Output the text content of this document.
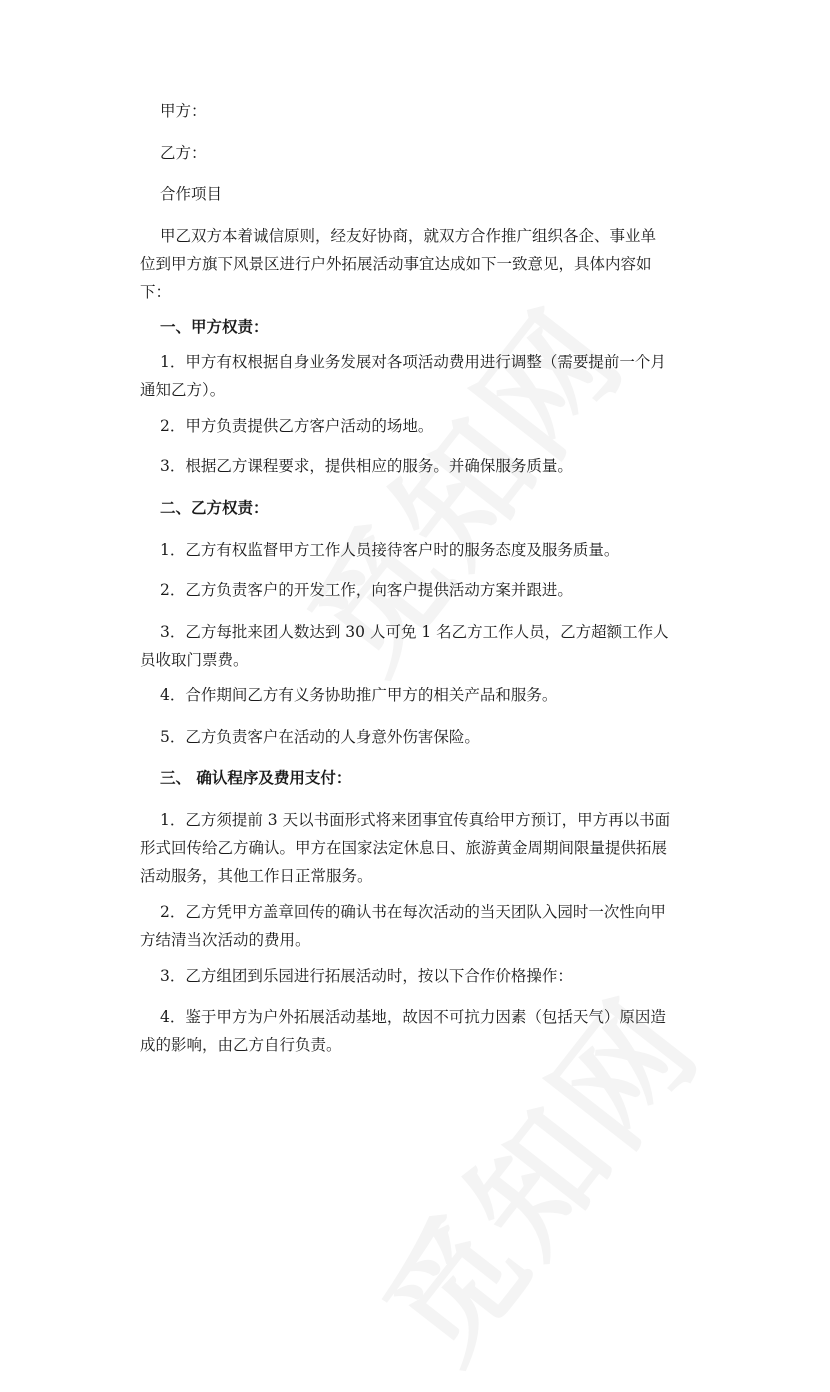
甲方：

乙方：

合作项目

甲乙双方本着诚信原则，经友好协商，就双方合作推广组织各企、事业单

位到甲方旗下风景区进行户外拓展活动事宜达成如下一致意见，具体内容如

下：

一、甲方权责：

1．甲方有权根据自身业务发展对各项活动费用进行调整（需要提前一个月

通知乙方）。

2．甲方负责提供乙方客户活动的场地。

3．根据乙方课程要求，提供相应的服务。并确保服务质量。

二、乙方权责：

1．乙方有权监督甲方工作人员接待客户时的服务态度及服务质量。

2．乙方负责客户的开发工作，向客户提供活动方案并跟进。

3．乙方每批来团人数达到 30 人可免 1 名乙方工作人员，乙方超额工作人

员收取门票费。

4．合作期间乙方有义务协助推广甲方的相关产品和服务。

5．乙方负责客户在活动的人身意外伤害保险。

三、 确认程序及费用支付：

1．乙方须提前 3 天以书面形式将来团事宜传真给甲方预订，甲方再以书面

形式回传给乙方确认。甲方在国家法定休息日、旅游黄金周期间限量提供拓展

活动服务，其他工作日正常服务。

2．乙方凭甲方盖章回传的确认书在每次活动的当天团队入园时一次性向甲

方结清当次活动的费用。

3．乙方组团到乐园进行拓展活动时，按以下合作价格操作：

4．鉴于甲方为户外拓展活动基地，故因不可抗力因素（包括天气）原因造

成的影响，由乙方自行负责。
